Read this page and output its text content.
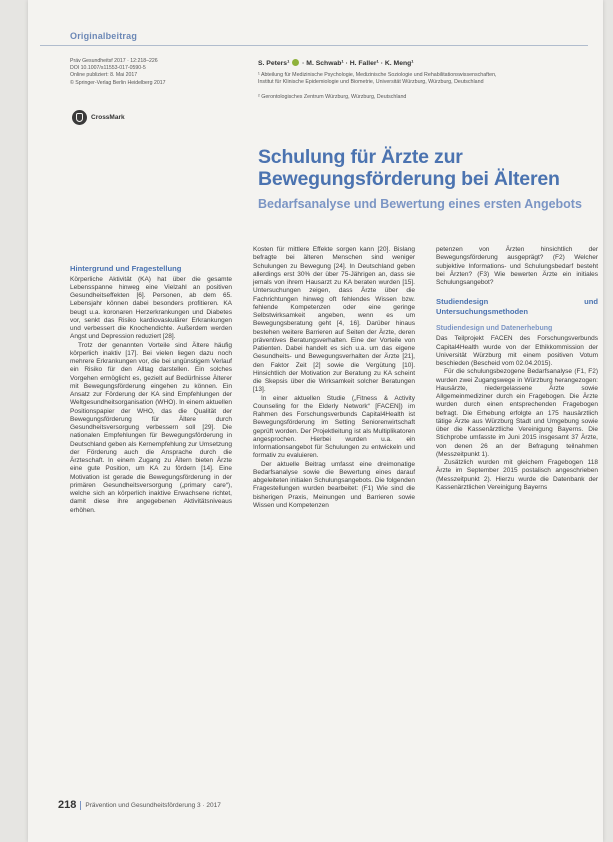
Originalbeitrag
Präv Gesundheitsf 2017 · 12:218–226
DOI 10.1007/s11553-017-0590-5
Online publiziert: 8. Mai 2017
© Springer-Verlag Berlin Heidelberg 2017
CrossMark
S. Peters¹ · M. Schwab¹ · H. Faller¹ · K. Meng¹
¹ Abteilung für Medizinische Psychologie, Medizinische Soziologie und Rehabilitationswissenschaften,
Institut für Klinische Epidemiologie und Biometrie, Universität Würzburg, Würzburg, Deutschland
² Gerontologisches Zentrum Würzburg, Würzburg, Deutschland
Schulung für Ärzte zur Bewegungsförderung bei Älteren
Bedarfsanalyse und Bewertung eines ersten Angebots
Hintergrund und Fragestellung

Körperliche Aktivität (KA) hat über die gesamte Lebensspanne hinweg eine Vielzahl an positiven Gesundheitseffekten [6]. Personen, ab dem 65. Lebensjahr können dabei besonders profitieren. KA beugt u.a. koronaren Herzerkrankungen und Diabetes vor, senkt das Risiko kardiovaskulärer Erkrankungen und verbessert die Knochendichte. Außerdem werden Angst und Depression reduziert [28].

Trotz der genannten Vorteile sind Ältere häufig körperlich inaktiv [17]. Bei vielen liegen dazu noch mehrere Erkrankungen vor, die bei ungünstigem Verlauf ein Risiko für den Alltag darstellen. Ein solches Vorgehen ermöglicht es, gezielt auf Bedürfnisse Älterer mit Bewegungsförderung eingehen zu können. Ein Ansatz zur Förderung der KA sind Empfehlungen der Weltgesundheitsorganisation (WHO). In einem aktuellen Positionspapier der WHO, das die Qualität der Bewegungsförderung für Ältere durch Gesundheitsversorgung verbessern soll [29]. Die nationalen Empfehlungen für Bewegungsförderung in Deutschland geben als Kernempfehlung zur Umsetzung der Förderung auch die Ansprache durch die Ärzteschaft. In einem Zugang zu Ältern bieten Ärzte eine gute Position, um KA zu fördern [14]. Eine Motivation ist gerade die Bewegungsförderung in der primären Gesundheitsversorgung („primary care“), welche sich an körperlich inaktive Erwachsene richtet, damit diese ihre angegebenen Aktivitätsniveaus erhöhen.

Kosten für mittlere Effekte sorgen kann [20]. Bislang befragte bei älteren Menschen sind weniger Schulungen zu Bewegung [24]. In Deutschland geben allerdings erst 30% der über 75-Jährigen an, dass sie jemals von ihrem Hausarzt zu KA beraten wurden [15]. Untersuchungen zeigen, dass Ärzte über die Fachrichtungen hinweg oft fehlendes Wissen bzw. fehlende Kompetenzen oder eine geringe Selbstwirksamkeit angeben, wenn es um Bewegungsberatung geht [4, 16]. Darüber hinaus bestehen weitere Barrieren auf Seiten der Ärzte, deren präventives Beratungsverhalten. Eine der Vorteile von Patienten. Dabei handelt es sich u.a. um das eigene Gesundheits- und Bewegungsverhalten der Ärzte [21], den Faktor Zeit [2] sowie die Vergütung [10]. Hinsichtlich der Motivation zur Beratung zu KA scheint die Skepsis über die Wirksamkeit solcher Beratungen [13].

In einer aktuellen Studie („Fitness & Activity Counseling for the Elderly Network“ [FACEN]) im Rahmen des Forschungsverbunds Capital4Health ist Bewegungsförderung im Setting Seniorenwirtschaft geprüft worden. Der Projektleitung ist als Multiplikatoren angesprochen. Hierbei wurden u.a. ein Informationsangebot für Schulungen zu entwickeln und formativ zu evaluieren.

Der aktuelle Beitrag umfasst eine dreimonatige Bedarfsanalyse sowie die Bewertung eines darauf abgeleiteten initialen Schulungsangebots. Die folgenden Fragestellungen wurden bearbeitet: (F1) Wie sind die bisherigen Praxis, Meinungen und Barrieren sowie Wissen und Kompetenzen

petenzen von Ärzten hinsichtlich der Bewegungsförderung ausgeprägt? (F2) Welcher subjektive Informations- und Schulungsbedarf besteht bei Ärzten? (F3) Wie bewerten Ärzte ein initiales Schulungsangebot?

Studiendesign und Untersuchungsmethoden
Studiendesign und Datenerhebung

Das Teilprojekt FACEN des Forschungsverbunds Capital4Health wurde von der Ethikkommission der Universität Würzburg mit einem positiven Votum beschieden (Bescheid vom 02.04.2015).

Für die schulungsbezogene Bedarfsanalyse (F1, F2) wurden zwei Zugangswege in Würzburg herangezogen: Hausärzte, niedergelassene Ärzte sowie Allgemeinmediziner durch ein Fragebogen. Die Ärzte wurden durch einen entsprechenden Fragebogen befragt. Die Erhebung erfolgte an 175 hausärztlich tätige Ärzte aus Würzburg Stadt und Umgebung sowie über die Kassenärztliche Vereinigung Bayerns. Die Stichprobe umfasste im Juni 2015 insgesamt 37 Ärzte, von denen 26 an der Befragung teilnahmen (Messzeitpunkt 1).

Zusätzlich wurden mit gleichem Fragebogen 118 Ärzte im September 2015 postalisch angeschrieben (Messzeitpunkt 2). Hierzu wurde die Datenbank der Kassenärztlichen Vereinigung Bayerns

218 Prävention und Gesundheitsförderung 3 · 2017
